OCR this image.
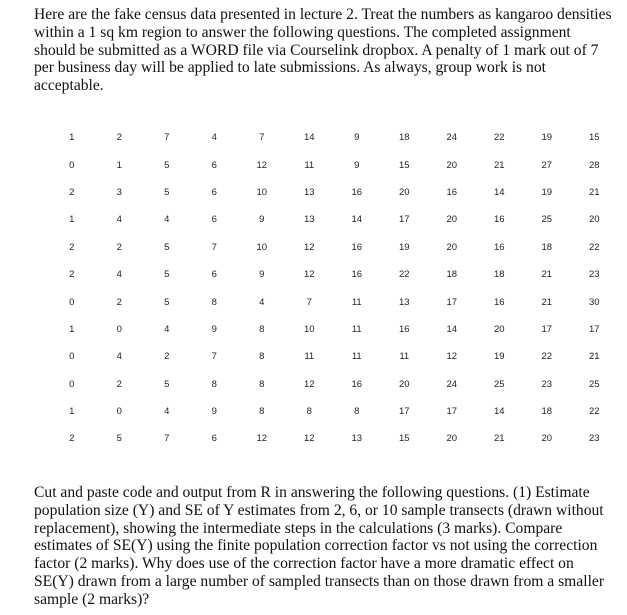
Here are the fake census data presented in lecture 2. Treat the numbers as kangaroo densities within a 1 sq km region to answer the following questions. The completed assignment should be submitted as a WORD file via Courselink dropbox. A penalty of 1 mark out of 7 per business day will be applied to late submissions. As always, group work is not acceptable.

1	2	7	4	7	14	9	18	24	22	19	15
0	1	5	6	12	11	9	15	20	21	27	28
2	3	5	6	10	13	16	20	16	14	19	21
1	4	4	6	9	13	14	17	20	16	25	20
2	2	5	7	10	12	16	19	20	16	18	22
2	4	5	6	9	12	16	22	18	18	21	23
0	2	5	8	4	7	11	13	17	16	21	30
1	0	4	9	8	10	11	16	14	20	17	17
0	4	2	7	8	11	11	11	12	19	22	21
0	2	5	8	8	12	16	20	24	25	23	25
1	0	4	9	8	8	8	17	17	14	18	22
2	5	7	6	12	12	13	15	20	21	20	23

Cut and paste code and output from R in answering the following questions. (1) Estimate population size (Y) and SE of Y estimates from 2, 6, or 10 sample transects (drawn without replacement), showing the intermediate steps in the calculations (3 marks). Compare estimates of SE(Y) using the finite population correction factor vs not using the correction factor (2 marks). Why does use of the correction factor have a more dramatic effect on SE(Y) drawn from a large number of sampled transects than on those drawn from a smaller sample (2 marks)?
